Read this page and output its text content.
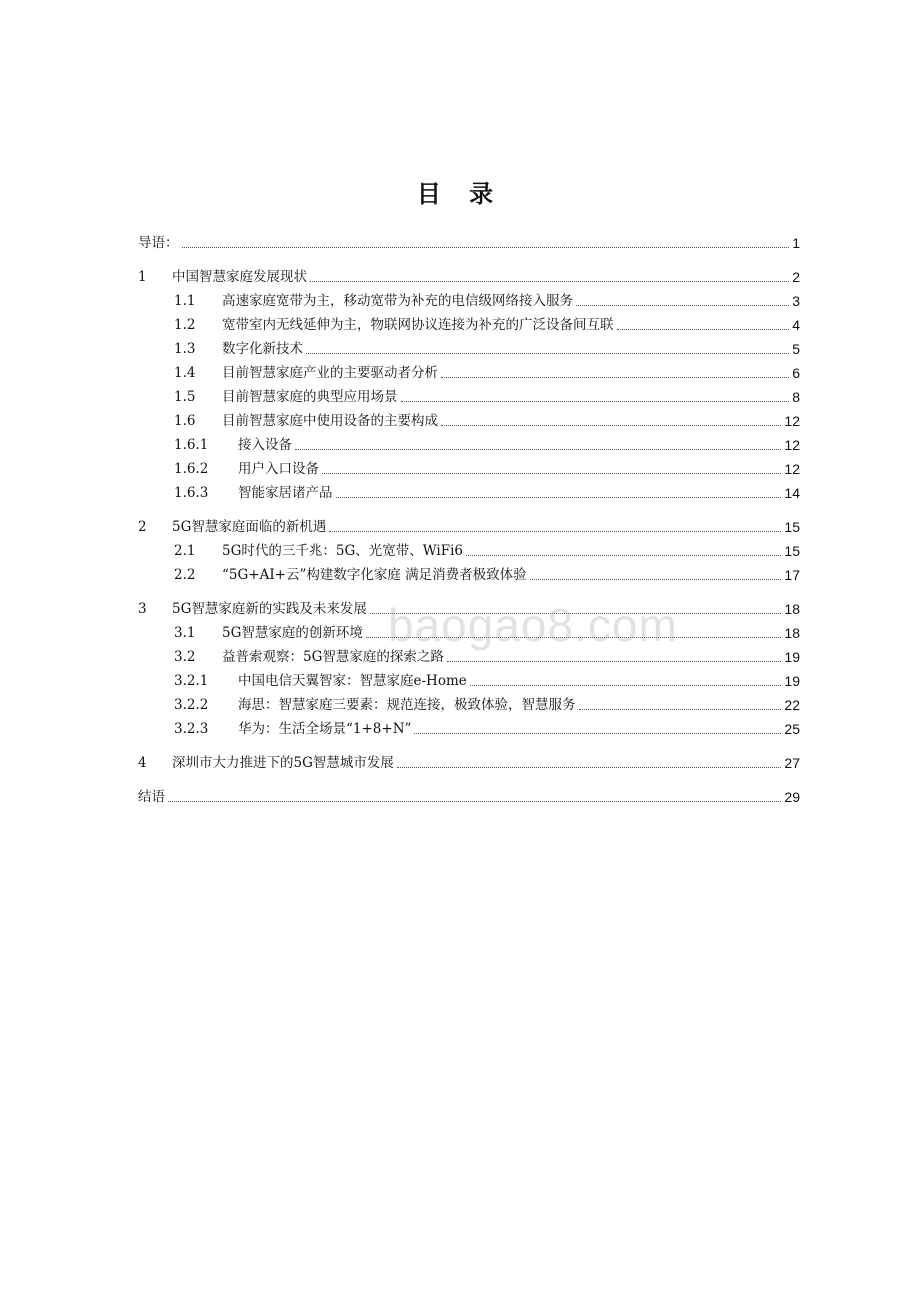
目 录
导语：	1
1	中国智慧家庭发展现状	2
1.1	高速家庭宽带为主，移动宽带为补充的电信级网络接入服务	3
1.2	宽带室内无线延伸为主，物联网协议连接为补充的广泛设备间互联	4
1.3	数字化新技术	5
1.4	目前智慧家庭产业的主要驱动者分析	6
1.5	目前智慧家庭的典型应用场景	8
1.6	目前智慧家庭中使用设备的主要构成	12
1.6.1	接入设备	12
1.6.2	用户入口设备	12
1.6.3	智能家居诸产品	14
2	5G智慧家庭面临的新机遇	15
2.1	5G时代的三千兆：5G、光宽带、WiFi6	15
2.2	“5G+AI+云”构建数字化家庭 满足消费者极致体验	17
3	5G智慧家庭新的实践及未来发展	18
3.1	5G智慧家庭的创新环境	18
3.2	益普索观察：5G智慧家庭的探索之路	19
3.2.1	中国电信天翼智家：智慧家庭e-Home	19
3.2.2	海思：智慧家庭三要素：规范连接，极致体验，智慧服务	22
3.2.3	华为：生活全场景“1+8+N”	25
4	深圳市大力推进下的5G智慧城市发展	27
结语	29
baogao8.com
